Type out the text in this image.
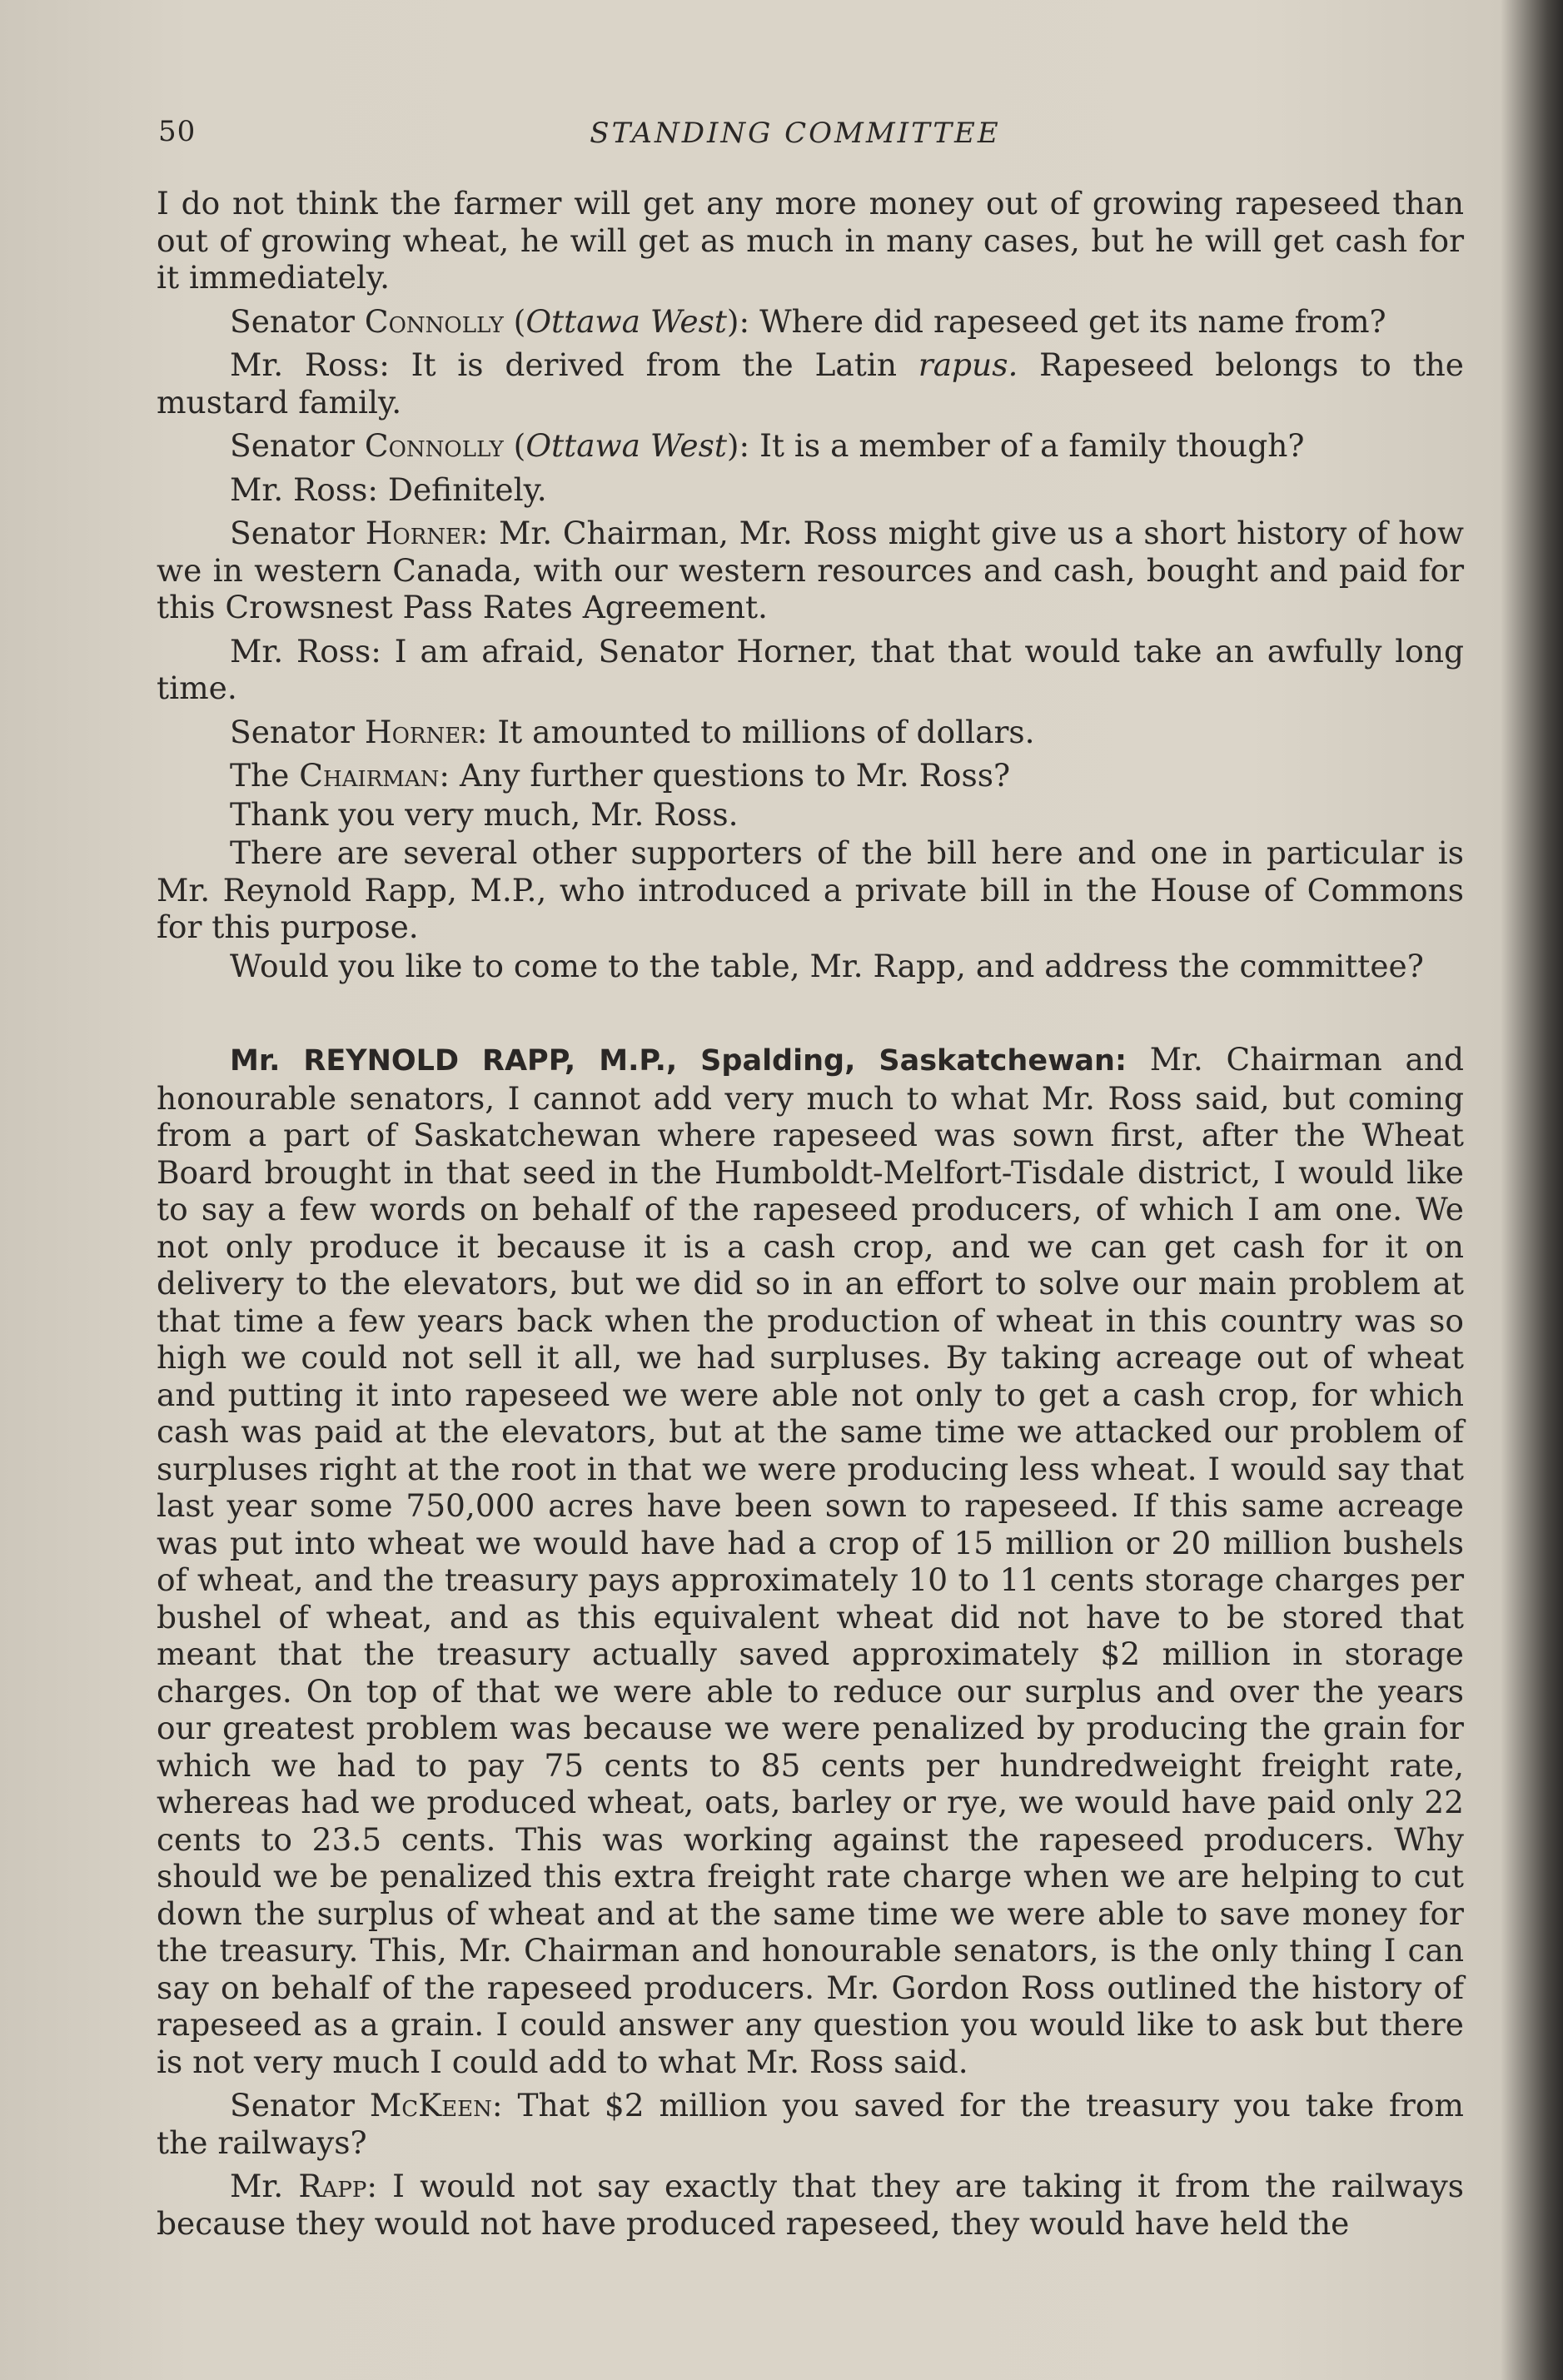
50	STANDING COMMITTEE

I do not think the farmer will get any more money out of growing rapeseed than out of growing wheat, he will get as much in many cases, but he will get cash for it immediately.

Senator Connolly (Ottawa West): Where did rapeseed get its name from?

Mr. Ross: It is derived from the Latin rapus. Rapeseed belongs to the mustard family.

Senator Connolly (Ottawa West): It is a member of a family though?

Mr. Ross: Definitely.

Senator Horner: Mr. Chairman, Mr. Ross might give us a short history of how we in western Canada, with our western resources and cash, bought and paid for this Crowsnest Pass Rates Agreement.

Mr. Ross: I am afraid, Senator Horner, that that would take an awfully long time.

Senator Horner: It amounted to millions of dollars.

The Chairman: Any further questions to Mr. Ross?

Thank you very much, Mr. Ross.

There are several other supporters of the bill here and one in particular is Mr. Reynold Rapp, M.P., who introduced a private bill in the House of Commons for this purpose.

Would you like to come to the table, Mr. Rapp, and address the committee?

Mr. REYNOLD RAPP, M.P., Spalding, Saskatchewan: Mr. Chairman and honourable senators, I cannot add very much to what Mr. Ross said, but coming from a part of Saskatchewan where rapeseed was sown first, after the Wheat Board brought in that seed in the Humboldt-Melfort-Tisdale district, I would like to say a few words on behalf of the rapeseed producers, of which I am one. We not only produce it because it is a cash crop, and we can get cash for it on delivery to the elevators, but we did so in an effort to solve our main problem at that time a few years back when the production of wheat in this country was so high we could not sell it all, we had surpluses. By taking acreage out of wheat and putting it into rapeseed we were able not only to get a cash crop, for which cash was paid at the elevators, but at the same time we attacked our problem of surpluses right at the root in that we were producing less wheat. I would say that last year some 750,000 acres have been sown to rapeseed. If this same acreage was put into wheat we would have had a crop of 15 million or 20 million bushels of wheat, and the treasury pays approximately 10 to 11 cents storage charges per bushel of wheat, and as this equivalent wheat did not have to be stored that meant that the treasury actually saved approximately $2 million in storage charges. On top of that we were able to reduce our surplus and over the years our greatest problem was because we were penalized by producing the grain for which we had to pay 75 cents to 85 cents per hundredweight freight rate, whereas had we produced wheat, oats, barley or rye, we would have paid only 22 cents to 23.5 cents. This was working against the rapeseed producers. Why should we be penalized this extra freight rate charge when we are helping to cut down the surplus of wheat and at the same time we were able to save money for the treasury. This, Mr. Chairman and honourable senators, is the only thing I can say on behalf of the rapeseed producers. Mr. Gordon Ross outlined the history of rapeseed as a grain. I could answer any question you would like to ask but there is not very much I could add to what Mr. Ross said.

Senator McKeen: That $2 million you saved for the treasury you take from the railways?

Mr. Rapp: I would not say exactly that they are taking it from the railways because they would not have produced rapeseed, they would have held the
